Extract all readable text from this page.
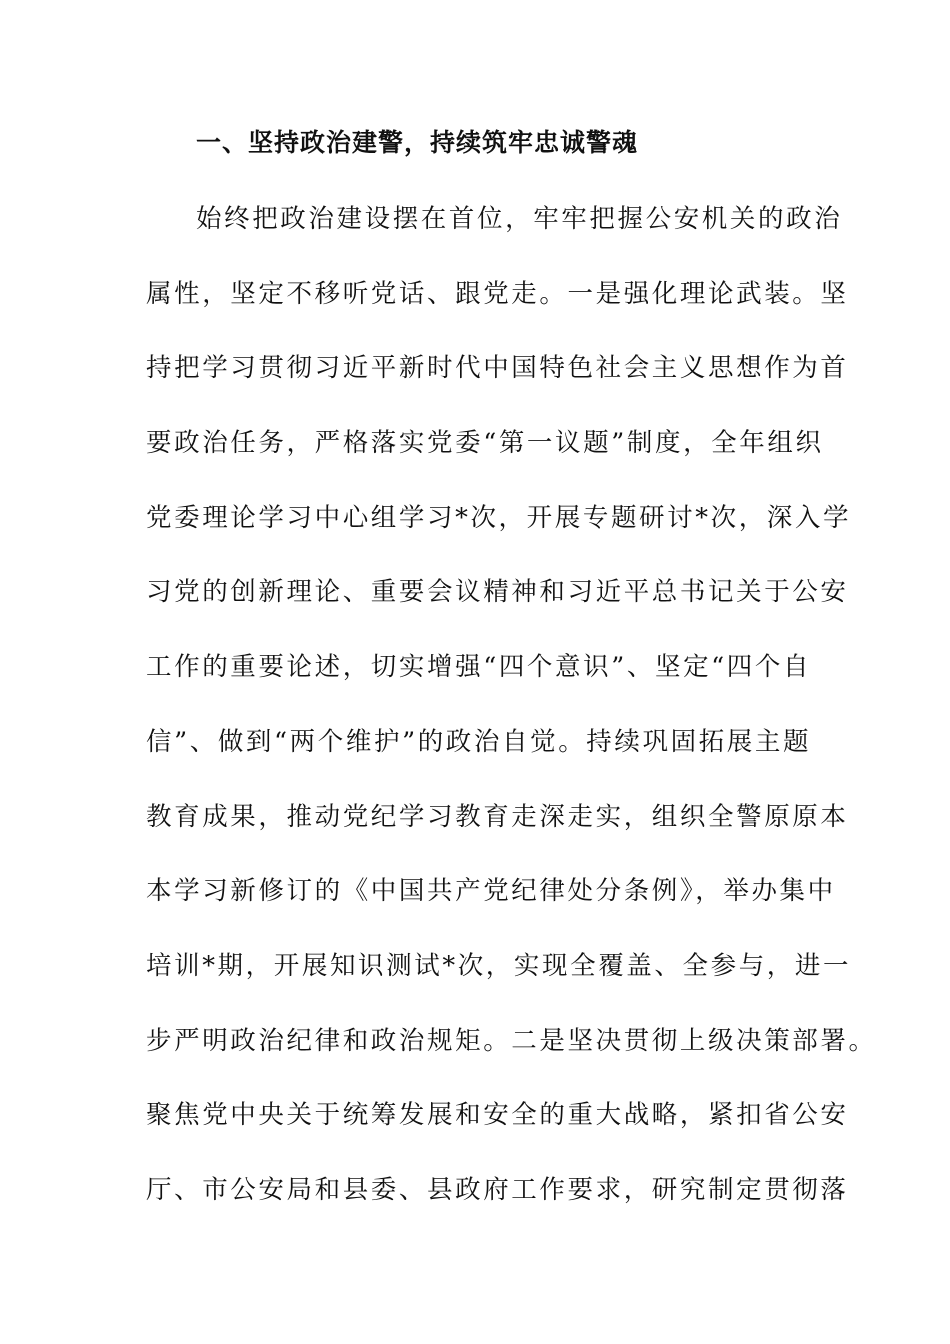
一、坚持政治建警，持续筑牢忠诚警魂
始终把政治建设摆在首位，牢牢把握公安机关的政治
属性，坚定不移听党话、跟党走。一是强化理论武装。坚
持把学习贯彻习近平新时代中国特色社会主义思想作为首
要政治任务，严格落实党委“第一议题”制度，全年组织
党委理论学习中心组学习*次，开展专题研讨*次，深入学
习党的创新理论、重要会议精神和习近平总书记关于公安
工作的重要论述，切实增强“四个意识”、坚定“四个自
信”、做到“两个维护”的政治自觉。持续巩固拓展主题
教育成果，推动党纪学习教育走深走实，组织全警原原本
本学习新修订的《中国共产党纪律处分条例》，举办集中
培训*期，开展知识测试*次，实现全覆盖、全参与，进一
步严明政治纪律和政治规矩。二是坚决贯彻上级决策部署。
聚焦党中央关于统筹发展和安全的重大战略，紧扣省公安
厅、市公安局和县委、县政府工作要求，研究制定贯彻落
